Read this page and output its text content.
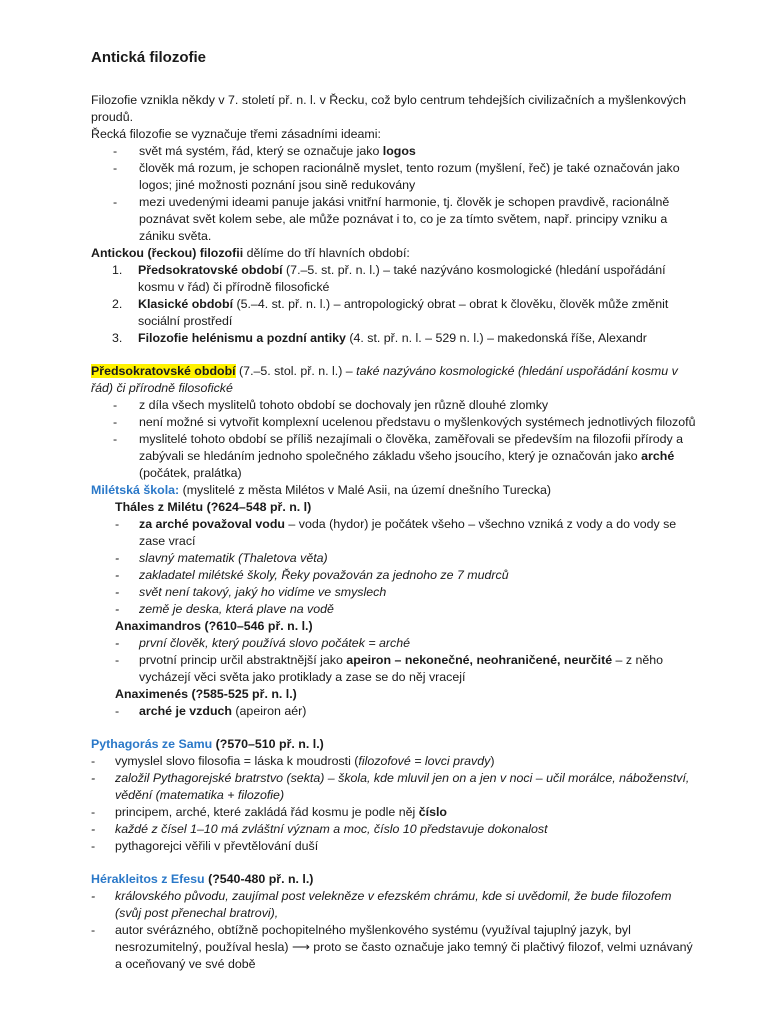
Antická filozofie

Filozofie vznikla někdy v 7. století př. n. l. v Řecku, což bylo centrum tehdejších civilizačních a myšlenkových proudů.

Řecká filozofie se vyznačuje třemi zásadními ideami:

- svět má systém, řád, který se označuje jako logos
- člověk má rozum, je schopen racionálně myslet, tento rozum (myšlení, řeč) je také označován jako logos; jiné možnosti poznání jsou sině redukovány
- mezi uvedenými ideami panuje jakási vnitřní harmonie, tj. člověk je schopen pravdivě, racionálně poznávat svět kolem sebe, ale může poznávat i to, co je za tímto světem, např. principy vzniku a zániku světa.

Antickou (řeckou) filozofii dělíme do tří hlavních období:

1. Předsokratovské období (7.–5. st. př. n. l.) – také nazýváno kosmologické (hledání uspořádání kosmu v řád) či přírodně filosofické
2. Klasické období (5.–4. st. př. n. l.) – antropologický obrat – obrat k člověku, člověk může změnit sociální prostředí
3. Filozofie helénismu a pozdní antiky (4. st. př. n. l. – 529 n. l.) – makedonská říše, Alexandr

Předsokratovské období (7.–5. stol. př. n. l.) – také nazýváno kosmologické (hledání uspořádání kosmu v řád) či přírodně filosofické

- z díla všech myslitelů tohoto období se dochovaly jen různě dlouhé zlomky
- není možné si vytvořit komplexní ucelenou představu o myšlenkových systémech jednotlivých filozofů
- myslitelé tohoto období se příliš nezajímali o člověka, zaměřovali se především na filozofii přírody a zabývali se hledáním jednoho společného základu všeho jsoucího, který je označován jako arché (počátek, pralátka)

Milétská škola: (myslitelé z města Milétos v Malé Asii, na území dnešního Turecka)

Tháles z Milétu (?624–548 př. n. l)

- za arché považoval vodu – voda (hydor) je počátek všeho – všechno vzniká z vody a do vody se zase vrací
- slavný matematik (Thaletova věta)
- zakladatel milétské školy, Řeky považován za jednoho ze 7 mudrců
- svět není takový, jaký ho vidíme ve smyslech
- země je deska, která plave na vodě

Anaximandros (?610–546 př. n. l.)

- první člověk, který používá slovo počátek = arché
- prvotní princip určil abstraktnější jako apeiron – nekonečné, neohraničené, neurčité – z něho vycházejí věci světa jako protiklady a zase se do něj vracejí

Anaximenés (?585-525 př. n. l.)

- arché je vzduch (apeiron aér)

Pythagorás ze Samu (?570–510 př. n. l.)

- vymyslel slovo filosofia = láska k moudrosti (filozofové = lovci pravdy)
- založil Pythagorejské bratrstvo (sekta) – škola, kde mluvil jen on a jen v noci – učil morálce, náboženství, vědění (matematika + filozofie)
- principem, arché, které zakládá řád kosmu je podle něj číslo
- každé z čísel 1–10 má zvláštní význam a moc, číslo 10 představuje dokonalost
- pythagorejci věřili v převtělování duší

Hérakleitos z Efesu (?540-480 př. n. l.)

- královského původu, zaujímal post velekněze v efezském chrámu, kde si uvědomil, že bude filozofem (svůj post přenechal bratrovi),
- autor svérázného, obtížně pochopitelného myšlenkového systému (využíval tajuplný jazyk, byl nesrozumitelný, používal hesla) ⟶ proto se často označuje jako temný či plačtivý filozof, velmi uznávaný a oceňovaný ve své době
